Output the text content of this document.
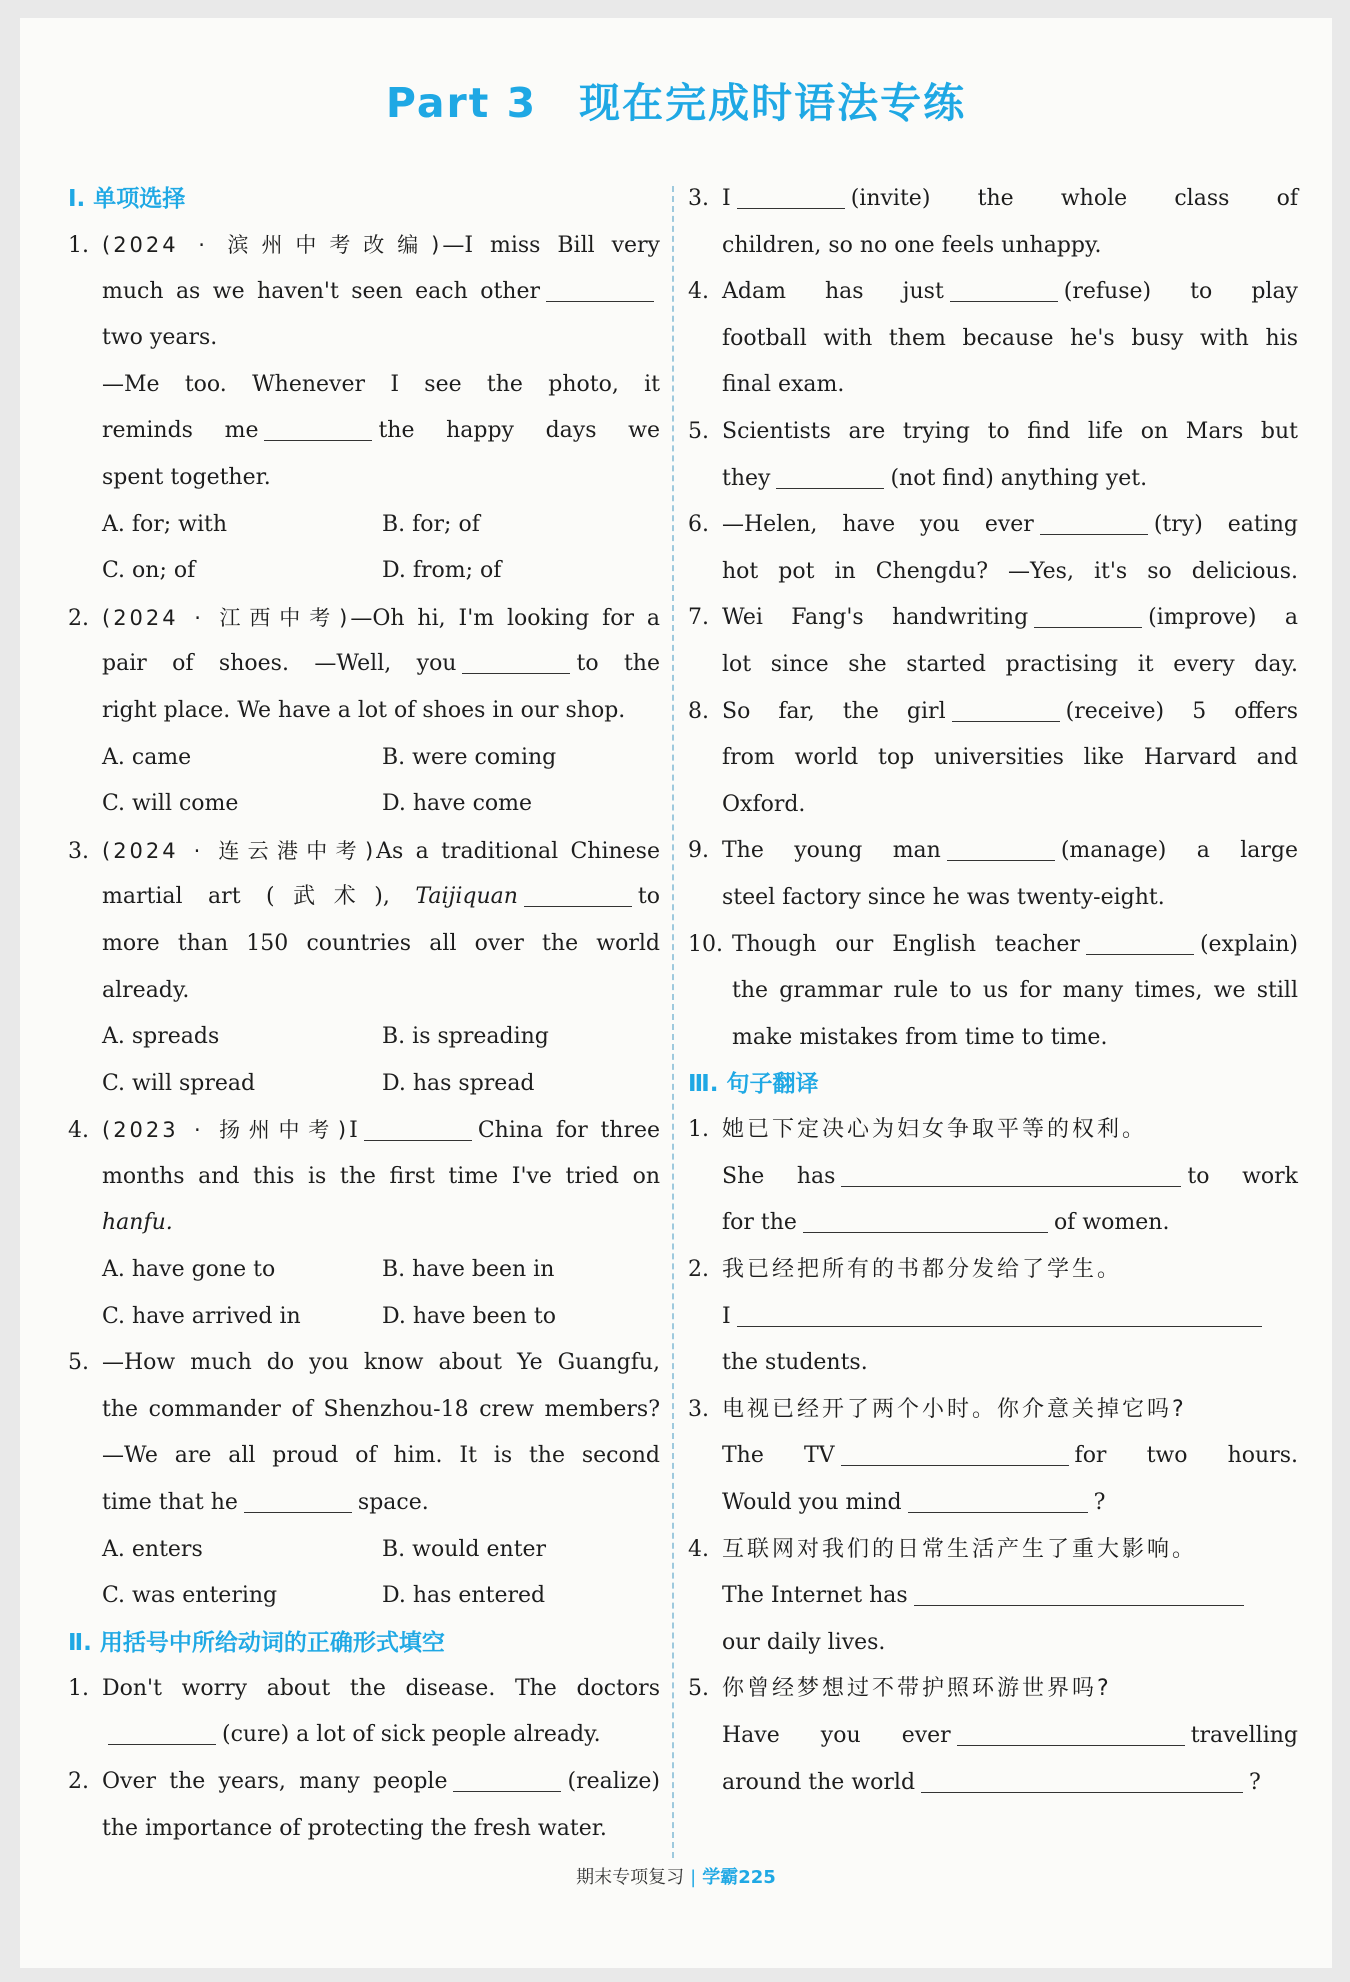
Part 3 现在完成时语法专练
Ⅰ. 单项选择
1. (2024 · 滨州中考改编)—I miss Bill very
much as we haven't seen each other
two years.
—Me too. Whenever I see the photo, it
reminds me	the happy days we
spent together.
A. for; with	B. for; of
C. on; of	D. from; of
2. (2024 · 江西中考)—Oh hi, I'm looking for a
pair of shoes. —Well, you	to the
right place. We have a lot of shoes in our shop.
A. came	B. were coming
C. will come	D. have come
3. (2024 · 连云港中考)As a traditional Chinese
martial art (武术), Taijiquan	to
more than 150 countries all over the world
already.
A. spreads	B. is spreading
C. will spread	D. has spread
4. (2023 · 扬州中考)I	China for three
months and this is the first time I've tried on
hanfu.
A. have gone to	B. have been in
C. have arrived in	D. have been to
5. —How much do you know about Ye Guangfu,
the commander of Shenzhou-18 crew members?
—We are all proud of him. It is the second
time that he	space.
A. enters	B. would enter
C. was entering	D. has entered
Ⅱ. 用括号中所给动词的正确形式填空
1. Don't worry about the disease. The doctors
(cure) a lot of sick people already.
2. Over the years, many people	(realize)
the importance of protecting the fresh water.
3. I	(invite) the whole class of
children, so no one feels unhappy.
4. Adam has just	(refuse) to play
football with them because he's busy with his
final exam.
5. Scientists are trying to find life on Mars but
they	(not find) anything yet.
6. —Helen, have you ever	(try) eating
hot pot in Chengdu? —Yes, it's so delicious.
7. Wei Fang's handwriting	(improve) a
lot since she started practising it every day.
8. So far, the girl	(receive) 5 offers
from world top universities like Harvard and
Oxford.
9. The young man	(manage) a large
steel factory since he was twenty-eight.
10. Though our English teacher	(explain)
the grammar rule to us for many times, we still
make mistakes from time to time.
Ⅲ. 句子翻译
1. 她已下定决心为妇女争取平等的权利。
She has	to work
for the	of women.
2. 我已经把所有的书都分发给了学生。
I
the students.
3. 电视已经开了两个小时。你介意关掉它吗?
The TV	for two hours.
Would you mind	?
4. 互联网对我们的日常生活产生了重大影响。
The Internet has
our daily lives.
5. 你曾经梦想过不带护照环游世界吗?
Have you ever	travelling
around the world	?
期末专项复习 | 学霸225
